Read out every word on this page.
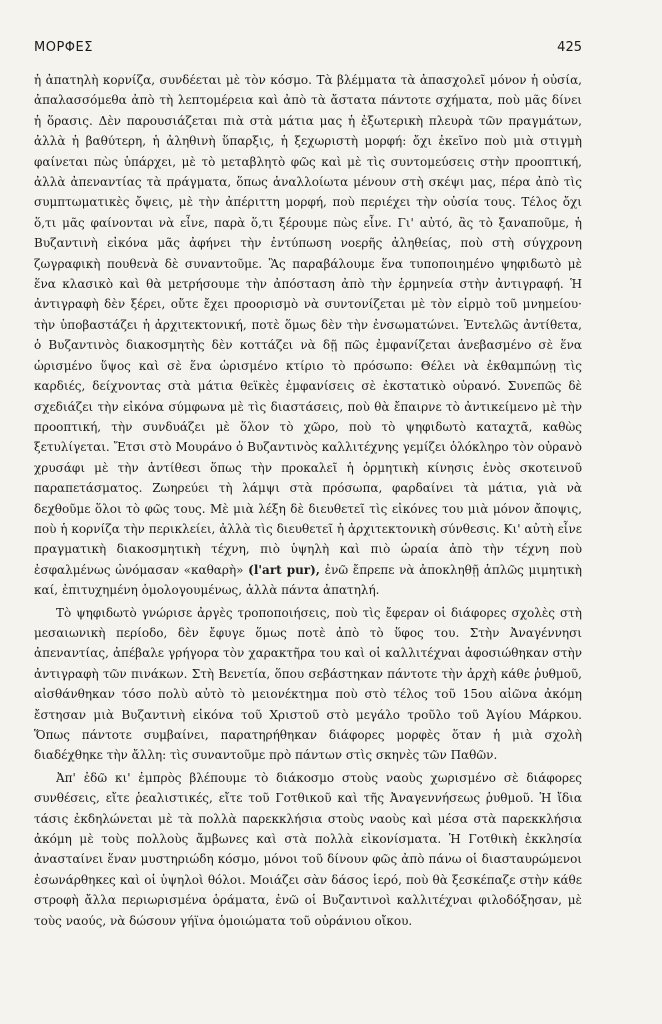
ΜΟΡΦΕΣ	425

ἡ ἀπατηλὴ κορνίζα, συνδέεται μὲ τὸν κόσμο. Τὰ βλέμματα τὰ ἀπασχολεῖ μόνον ἡ οὐσία, ἀπαλασσόμεθα ἀπὸ τὴ λεπτομέρεια καὶ ἀπὸ τὰ ἄστατα πάντοτε σχήματα, ποὺ μᾶς δίνει ἡ ὅρασις. Δὲν παρουσιάζεται πιὰ στὰ μάτια μας ἡ ἐξωτερικὴ πλευρὰ τῶν πραγμάτων, ἀλλὰ ἡ βαθύτερη, ἡ ἀληθινὴ ὕπαρξις, ἡ ξεχωριστὴ μορφή: ὄχι ἐκεῖνο ποὺ μιὰ στιγμὴ φαίνεται πὼς ὑπάρχει, μὲ τὸ μεταβλητὸ φῶς καὶ μὲ τὶς συντομεύσεις στὴν προοπτική, ἀλλὰ ἀπεναντίας τὰ πράγματα, ὅπως ἀναλλοίωτα μένουν στὴ σκέψι μας, πέρα ἀπὸ τὶς συμπτωματικὲς ὄψεις, μὲ τὴν ἀπέριττη μορφή, ποὺ περιέχει τὴν οὐσία τους. Τέλος ὄχι ὅ,τι μᾶς φαίνονται νὰ εἶνε, παρὰ ὅ,τι ξέρουμε πὼς εἶνε. Γι' αὐτό, ἂς τὸ ξαναποῦμε, ἡ Βυζαντινὴ εἰκόνα μᾶς ἀφήνει τὴν ἐντύπωση νοερῆς ἀληθείας, ποὺ στὴ σύγχρονη ζωγραφικὴ πουθενὰ δὲ συναντοῦμε. Ἂς παραβάλουμε ἕνα τυποποιημένο ψηφιδωτὸ μὲ ἕνα κλασικὸ καὶ θὰ μετρήσουμε τὴν ἀπόσταση ἀπὸ τὴν ἑρμηνεία στὴν ἀντιγραφή. Ἡ ἀντιγραφὴ δὲν ξέρει, οὔτε ἔχει προορισμὸ νὰ συντονίζεται μὲ τὸν εἱρμὸ τοῦ μνημείου· τὴν ὑποβαστάζει ἡ ἀρχιτεκτονική, ποτὲ ὅμως δὲν τὴν ἐνσωματώνει. Ἐντελῶς ἀντίθετα, ὁ Βυζαντινὸς διακοσμητὴς δὲν κοττάζει νὰ δῇ πῶς ἐμφανίζεται ἀνεβασμένο σὲ ἕνα ὡρισμένο ὕψος καὶ σὲ ἕνα ὡρισμένο κτίριο τὸ πρόσωπο: Θέλει νὰ ἐκθαμπώνῃ τὶς καρδιές, δείχνοντας στὰ μάτια θεϊκὲς ἐμφανίσεις σὲ ἐκστατικὸ οὐρανό. Συνεπῶς δὲ σχεδιάζει τὴν εἰκόνα σύμφωνα μὲ τὶς διαστάσεις, ποὺ θὰ ἔπαιρνε τὸ ἀντικείμενο μὲ τὴν προοπτική, τὴν συνδυάζει μὲ ὅλον τὸ χῶρο, ποὺ τὸ ψηφιδωτὸ καταχτᾶ, καθὼς ξετυλίγεται. Ἔτσι στὸ Μουράνο ὁ Βυζαντινὸς καλλιτέχνης γεμίζει ὁλόκληρο τὸν οὐρανὸ χρυσάφι μὲ τὴν ἀντίθεσι ὅπως τὴν προκαλεῖ ἡ ὁρμητικὴ κίνησις ἑνὸς σκοτεινοῦ παραπετάσματος. Ζωηρεύει τὴ λάμψι στὰ πρόσωπα, φαρδαίνει τὰ μάτια, γιὰ νὰ δεχθοῦμε ὅλοι τὸ φῶς τους. Μὲ μιὰ λέξη δὲ διευθετεῖ τὶς εἰκόνες του μιὰ μόνον ἄποψις, ποὺ ἡ κορνίζα τὴν περικλείει, ἀλλὰ τὶς διευθετεῖ ἡ ἀρχιτεκτονικὴ σύνθεσις. Κι' αὐτὴ εἶνε πραγματικὴ διακοσμητικὴ τέχνη, πιὸ ὑψηλὴ καὶ πιὸ ὡραία ἀπὸ τὴν τέχνη ποὺ ἐσφαλμένως ὠνόμασαν «καθαρὴ» (l'art pur), ἐνῶ ἔπρεπε νὰ ἀποκληθῇ ἁπλῶς μιμητικὴ καί, ἐπιτυχημένη ὁμολογουμένως, ἀλλὰ πάντα ἀπατηλή.

Τὸ ψηφιδωτὸ γνώρισε ἀργὲς τροποποιήσεις, ποὺ τὶς ἔφεραν οἱ διάφορες σχολὲς στὴ μεσαιωνικὴ περίοδο, δὲν ἔφυγε ὅμως ποτὲ ἀπὸ τὸ ὕφος του. Στὴν Ἀναγέννησι ἀπεναντίας, ἀπέβαλε γρήγορα τὸν χαρακτῆρα του καὶ οἱ καλλιτέχναι ἀφοσιώθηκαν στὴν ἀντιγραφὴ τῶν πινάκων. Στὴ Βενετία, ὅπου σεβάστηκαν πάντοτε τὴν ἀρχὴ κάθε ῥυθμοῦ, αἰσθάνθηκαν τόσο πολὺ αὐτὸ τὸ μειονέκτημα ποὺ στὸ τέλος τοῦ 15ου αἰῶνα ἀκόμη ἔστησαν μιὰ Βυζαντινὴ εἰκόνα τοῦ Χριστοῦ στὸ μεγάλο τροῦλο τοῦ Ἁγίου Μάρκου. Ὅπως πάντοτε συμβαίνει, παρατηρήθηκαν διάφορες μορφὲς ὅταν ἡ μιὰ σχολὴ διαδέχθηκε τὴν ἄλλη: τὶς συναντοῦμε πρὸ πάντων στὶς σκηνὲς τῶν Παθῶν.

Ἀπ' ἐδῶ κι' ἐμπρὸς βλέπουμε τὸ διάκοσμο στοὺς ναοὺς χωρισμένο σὲ διάφορες συνθέσεις, εἴτε ῥεαλιστικές, εἴτε τοῦ Γοτθικοῦ καὶ τῆς Ἀναγεννήσεως ῥυθμοῦ. Ἡ ἴδια τάσις ἐκδηλώνεται μὲ τὰ πολλὰ παρεκκλήσια στοὺς ναοὺς καὶ μέσα στὰ παρεκκλήσια ἀκόμη μὲ τοὺς πολλοὺς ἄμβωνες καὶ στὰ πολλὰ εἰκονίσματα. Ἡ Γοτθικὴ ἐκκλησία ἀνασταίνει ἕναν μυστηριώδη κόσμο, μόνοι τοῦ δίνουν φῶς ἀπὸ πάνω οἱ διασταυρώμενοι ἐσωνάρθηκες καὶ οἱ ὑψηλοὶ θόλοι. Μοιάζει σὰν δάσος ἱερό, ποὺ θὰ ξεσκέπαζε στὴν κάθε στροφὴ ἄλλα περιωρισμένα ὁράματα, ἐνῶ οἱ Βυζαντινοὶ καλλιτέχναι φιλοδόξησαν, μὲ τοὺς ναούς, νὰ δώσουν γήϊνα ὁμοιώματα τοῦ οὐράνιου οἴκου.
